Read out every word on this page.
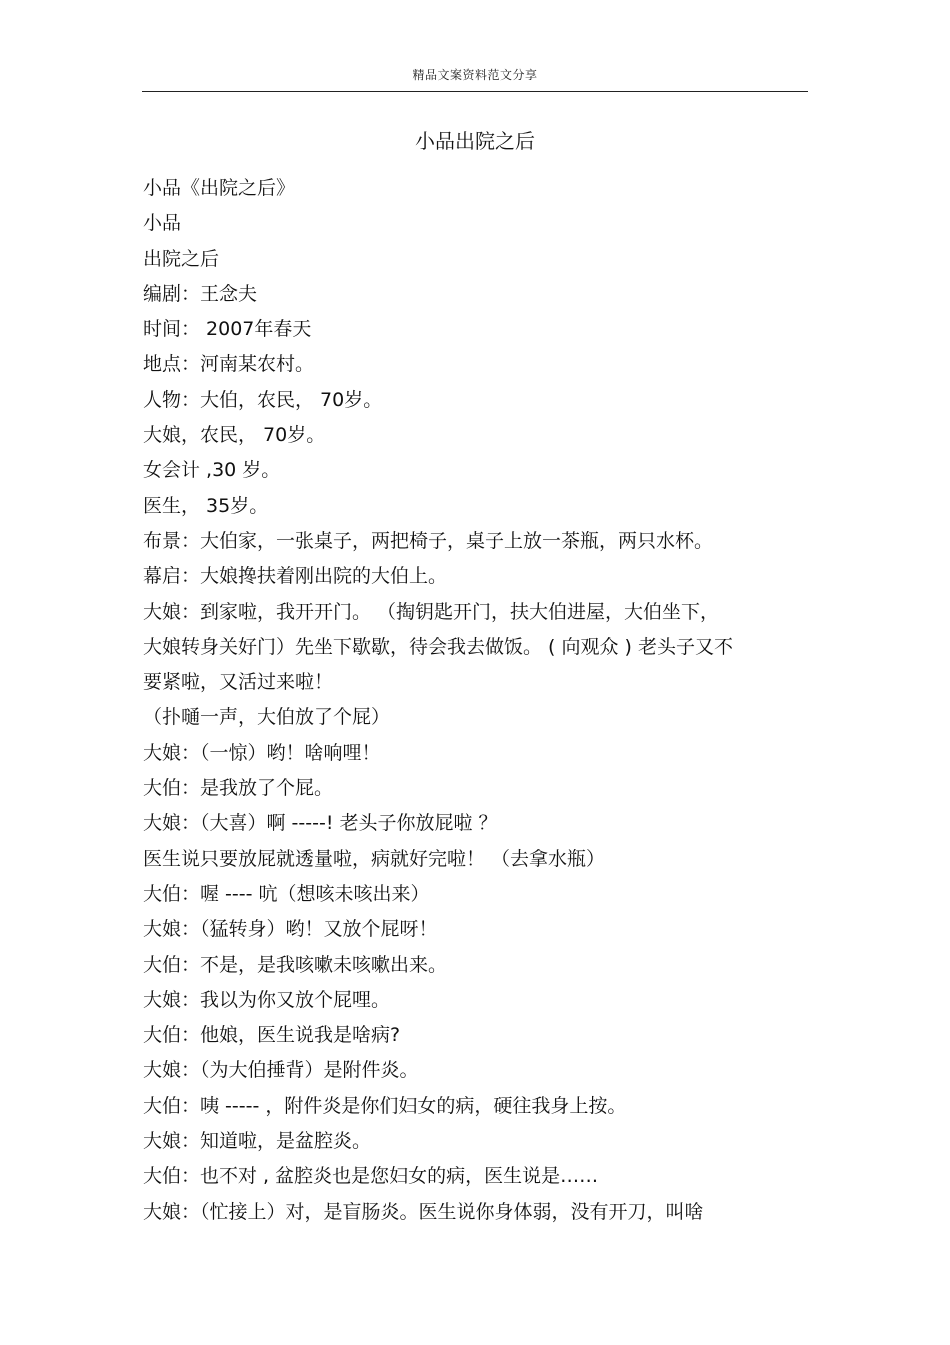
精品文案资料范文分享
小品出院之后
小品《出院之后》
小品
出院之后
编剧：王念夫
时间： 2007年春天
地点：河南某农村。
人物：大伯，农民， 70岁。
大娘，农民， 70岁。
女会计 ,30 岁。
医生， 35岁。
布景：大伯家，一张桌子，两把椅子，桌子上放一茶瓶，两只水杯。
幕启：大娘搀扶着刚出院的大伯上。
大娘：到家啦，我开开门。 （掏钥匙开门，扶大伯进屋，大伯坐下，
大娘转身关好门）先坐下歇歇，待会我去做饭。 ( 向观众 ) 老头子又不
要紧啦，又活过来啦！
（扑嗵一声，大伯放了个屁）
大娘：（一惊）哟！啥响哩！
大伯：是我放了个屁。
大娘：（大喜）啊 -----! 老头子你放屁啦 ？
医生说只要放屁就透量啦，病就好完啦！ （去拿水瓶）
大伯：喔 ---- 吭（想咳未咳出来）
大娘：（猛转身）哟！又放个屁呀！
大伯：不是，是我咳嗽未咳嗽出来。
大娘：我以为你又放个屁哩。
大伯：他娘，医生说我是啥病?
大娘：（为大伯捶背）是附件炎。
大伯：咦 ----- ，附件炎是你们妇女的病，硬往我身上按。
大娘：知道啦，是盆腔炎。
大伯：也不对 , 盆腔炎也是您妇女的病，医生说是……
大娘：（忙接上）对，是盲肠炎。医生说你身体弱，没有开刀，叫啥
